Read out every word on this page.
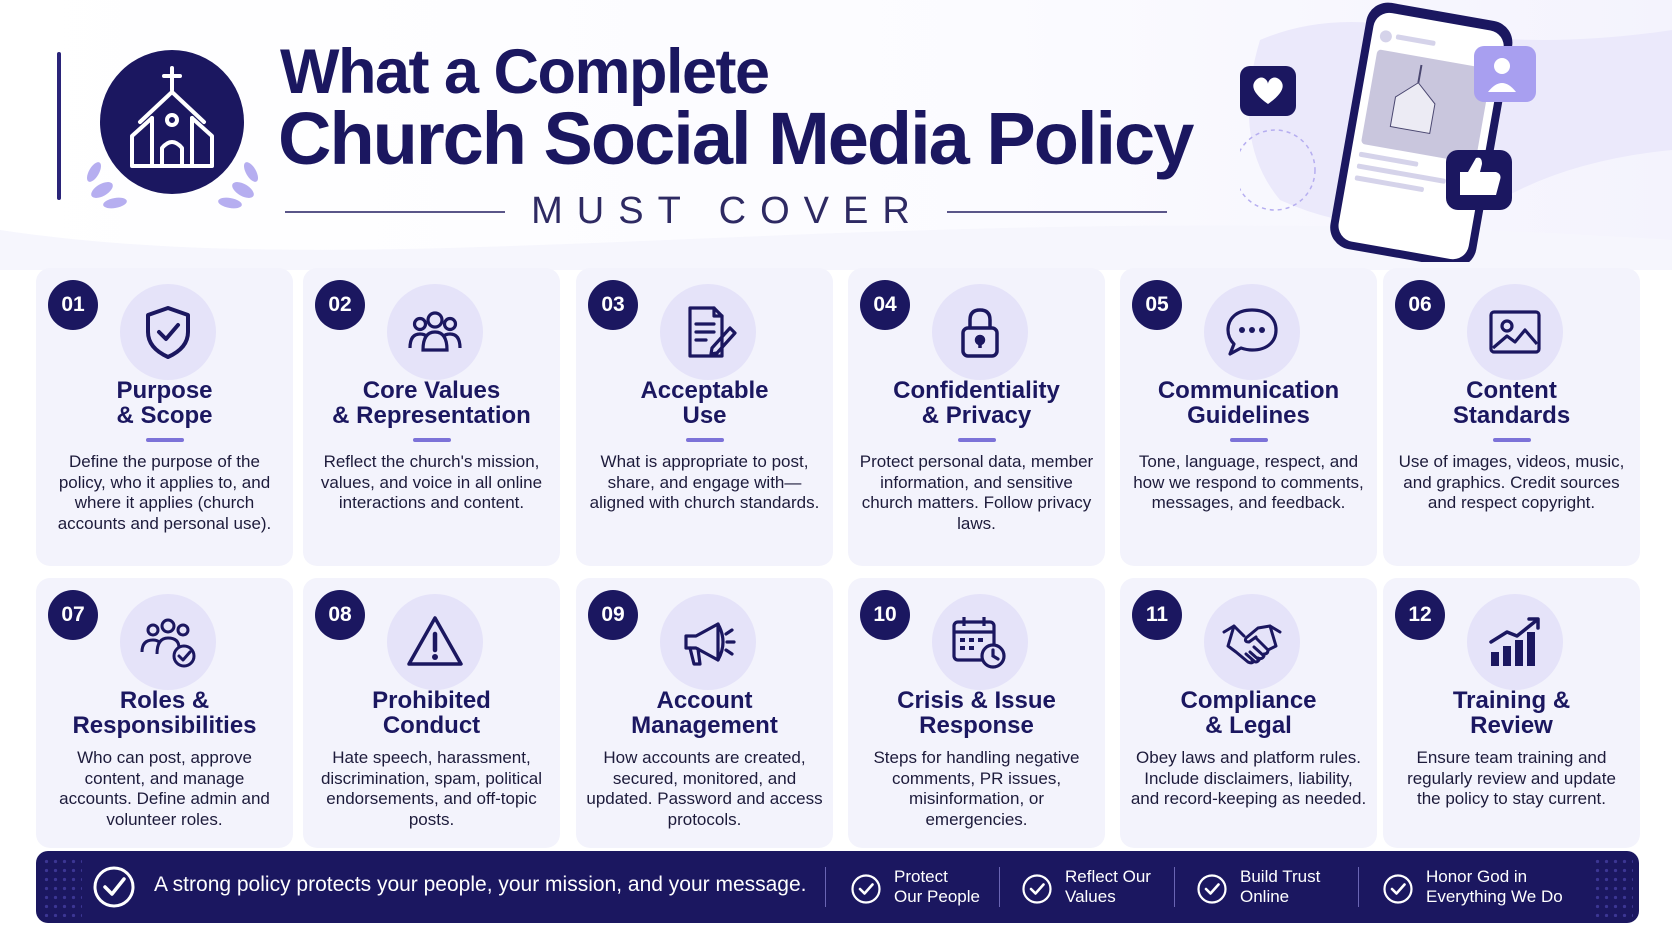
What a Complete
Church Social Media Policy
MUST COVER
01
Purpose
& Scope
Define the purpose of the policy, who it applies to, and where it applies (church accounts and personal use).
02
Core Values
& Representation
Reflect the church's mission, values, and voice in all online interactions and content.
03
Acceptable
Use
What is appropriate to post, share, and engage with—aligned with church standards.
04
Confidentiality
& Privacy
Protect personal data, member information, and sensitive church matters. Follow privacy laws.
05
Communication
Guidelines
Tone, language, respect, and how we respond to comments, messages, and feedback.
06
Content
Standards
Use of images, videos, music, and graphics. Credit sources and respect copyright.
07
Roles &
Responsibilities
Who can post, approve content, and manage accounts. Define admin and volunteer roles.
08
Prohibited
Conduct
Hate speech, harassment, discrimination, spam, political endorsements, and off-topic posts.
09
Account
Management
How accounts are created, secured, monitored, and updated. Password and access protocols.
10
Crisis & Issue
Response
Steps for handling negative comments, PR issues, misinformation, or emergencies.
11
Compliance
& Legal
Obey laws and platform rules. Include disclaimers, liability, and record-keeping as needed.
12
Training &
Review
Ensure team training and regularly review and update the policy to stay current.
A strong policy protects your people, your mission, and your message.	Protect
Our People
Reflect Our
Values
Build Trust
Online
Honor God in
Everything We Do
